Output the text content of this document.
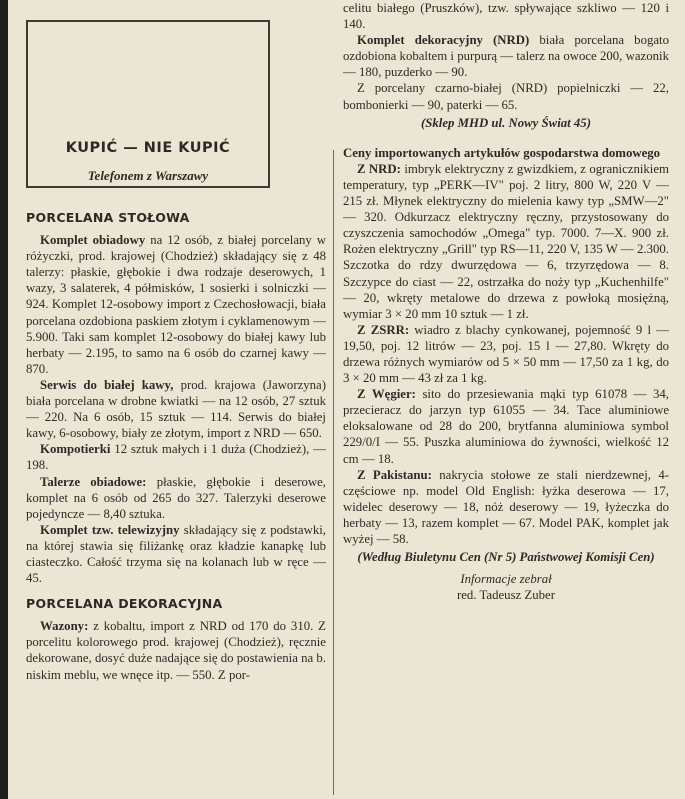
KUPIĆ — NIE KUPIĆ
Telefonem z Warszawy
PORCELANA STOŁOWA

Komplet obiadowy na 12 osób, z białej porcelany w różyczki, prod. krajowej (Chodzież) składający się z 48 talerzy: płaskie, głębokie i dwa rodzaje deserowych, 1 wazy, 3 salaterek, 4 półmisków, 1 sosierki i solniczki — 924. Komplet 12-osobowy import z Czechosłowacji, biała porcelana ozdobiona paskiem złotym i cyklamenowym — 5.900. Taki sam komplet 12-osobowy do białej kawy lub herbaty — 2.195, to samo na 6 osób do czarnej kawy — 870.

Serwis do białej kawy, prod. krajowa (Jaworzyna) biała porcelana w drobne kwiatki — na 12 osób, 27 sztuk — 220. Na 6 osób, 15 sztuk — 114. Serwis do białej kawy, 6-osobowy, biały ze złotym, import z NRD — 650.

Kompotierki 12 sztuk małych i 1 duża (Chodzież), — 198.

Talerze obiadowe: płaskie, głębokie i deserowe, komplet na 6 osób od 265 do 327. Talerzyki deserowe pojedyncze — 8,40 sztuka.

Komplet tzw. telewizyjny składający się z podstawki, na której stawia się filiżankę oraz kładzie kanapkę lub ciasteczko. Całość trzyma się na kolanach lub w ręce — 45.

PORCELANA DEKORACYJNA

Wazony: z kobaltu, import z NRD od 170 do 310. Z porcelitu kolorowego prod. krajowej (Chodzież), ręcznie dekorowane, dosyć duże nadające się do postawienia na b. niskim meblu, we wnęce itp. — 550. Z por-

celitu białego (Pruszków), tzw. spływające szkliwo — 120 i 140.

Komplet dekoracyjny (NRD) biała porcelana bogato ozdobiona kobaltem i purpurą — talerz na owoce 200, wazonik — 180, puzderko — 90.

Z porcelany czarno-białej (NRD) popielniczki — 22, bombonierki — 90, paterki — 65.

(Sklep MHD ul. Nowy Świat 45)

Ceny importowanych artykułów gospodarstwa domowego

Z NRD: imbryk elektryczny z gwizdkiem, z ogranicznikiem temperatury, typ „PERK—IV" poj. 2 litry, 800 W, 220 V — 215 zł. Młynek elektryczny do mielenia kawy typ „SMW—2" — 320. Odkurzacz elektryczny ręczny, przystosowany do czyszczenia samochodów „Omega" typ. 7000. 7—X. 900 zł. Rożen elektryczny „Grill" typ RS—11, 220 V, 135 W — 2.300. Szczotka do rdzy dwurzędowa — 6, trzyrzędowa — 8. Szczypce do ciast — 22, ostrzałka do noży typ „Kuchenhilfe" — 20, wkręty metalowe do drzewa z powłoką mosiężną, wymiar 3 × 20 mm 10 sztuk — 1 zł.

Z ZSRR: wiadro z blachy cynkowanej, pojemność 9 l — 19,50, poj. 12 litrów — 23, poj. 15 l — 27,80. Wkręty do drzewa różnych wymiarów od 5 × 50 mm — 17,50 za 1 kg, do 3 × 20 mm — 43 zł za 1 kg.

Z Węgier: sito do przesiewania mąki typ 61078 — 34, przecieracz do jarzyn typ 61055 — 34. Tace aluminiowe eloksalowane od 28 do 200, brytfanna aluminiowa symbol 229/0/I — 55. Puszka aluminiowa do żywności, wielkość 12 cm — 18.

Z Pakistanu: nakrycia stołowe ze stali nierdzewnej, 4-częściowe np. model Old English: łyżka deserowa — 17, widelec deserowy — 18, nóż deserowy — 19, łyżeczka do herbaty — 13, razem komplet — 67. Model PAK, komplet jak wyżej — 58.

(Według Biuletynu Cen (Nr 5) Państwowej Komisji Cen)
Informacje zebrał
red. Tadeusz Zuber
